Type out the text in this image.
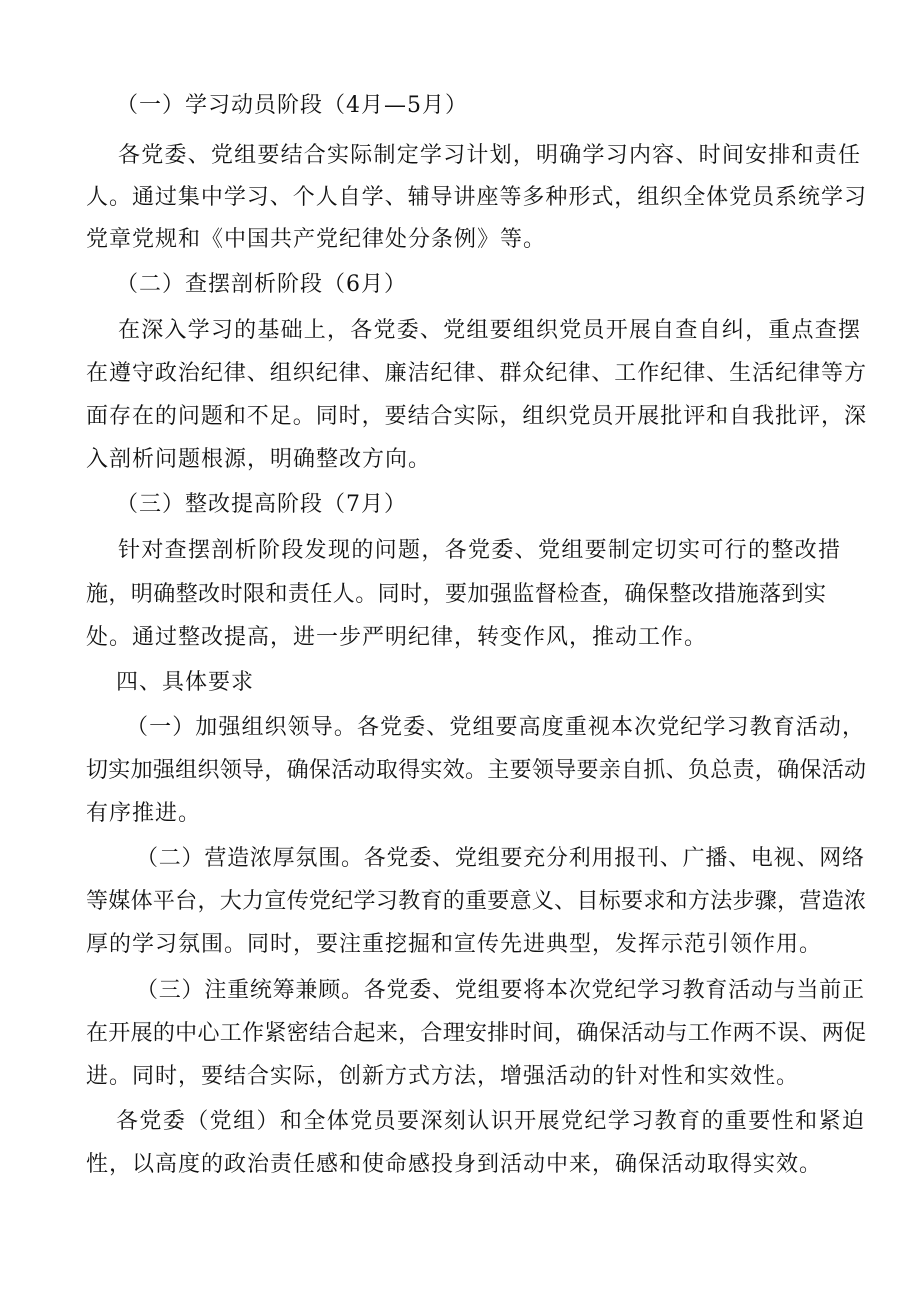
（一）学习动员阶段（4月—5月）
各党委、党组要结合实际制定学习计划，明确学习内容、时间安排和责任
人。通过集中学习、个人自学、辅导讲座等多种形式，组织全体党员系统学习
党章党规和《中国共产党纪律处分条例》等。
（二）查摆剖析阶段（6月）
在深入学习的基础上，各党委、党组要组织党员开展自查自纠，重点查摆
在遵守政治纪律、组织纪律、廉洁纪律、群众纪律、工作纪律、生活纪律等方
面存在的问题和不足。同时，要结合实际，组织党员开展批评和自我批评，深
入剖析问题根源，明确整改方向。
（三）整改提高阶段（7月）
针对查摆剖析阶段发现的问题，各党委、党组要制定切实可行的整改措
施，明确整改时限和责任人。同时，要加强监督检查，确保整改措施落到实
处。通过整改提高，进一步严明纪律，转变作风，推动工作。
四、具体要求
（一）加强组织领导。各党委、党组要高度重视本次党纪学习教育活动，
切实加强组织领导，确保活动取得实效。主要领导要亲自抓、负总责，确保活动
有序推进。
（二）营造浓厚氛围。各党委、党组要充分利用报刊、广播、电视、网络
等媒体平台，大力宣传党纪学习教育的重要意义、目标要求和方法步骤，营造浓
厚的学习氛围。同时，要注重挖掘和宣传先进典型，发挥示范引领作用。
（三）注重统筹兼顾。各党委、党组要将本次党纪学习教育活动与当前正
在开展的中心工作紧密结合起来，合理安排时间，确保活动与工作两不误、两促
进。同时，要结合实际，创新方式方法，增强活动的针对性和实效性。
各党委（党组）和全体党员要深刻认识开展党纪学习教育的重要性和紧迫
性，以高度的政治责任感和使命感投身到活动中来，确保活动取得实效。
